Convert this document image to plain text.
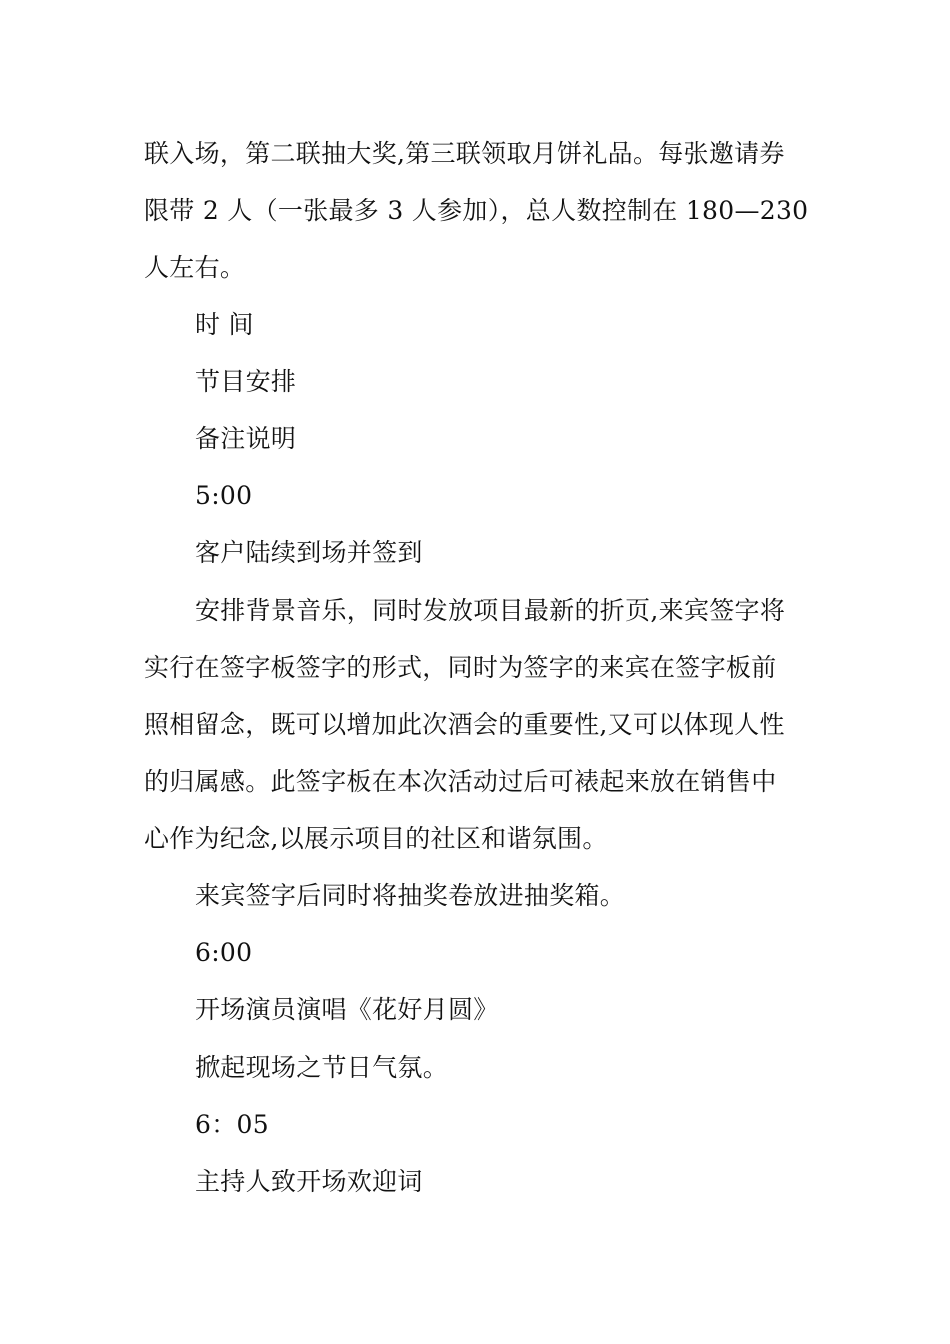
联入场，第二联抽大奖,第三联领取月饼礼品。每张邀请券
限带 2 人（一张最多 3 人参加），总人数控制在 180—230
人左右。

时 间

节目安排

备注说明

5:00

客户陆续到场并签到

安排背景音乐，同时发放项目最新的折页,来宾签字将
实行在签字板签字的形式，同时为签字的来宾在签字板前
照相留念，既可以增加此次酒会的重要性,又可以体现人性
的归属感。此签字板在本次活动过后可裱起来放在销售中
心作为纪念,以展示项目的社区和谐氛围。

来宾签字后同时将抽奖卷放进抽奖箱。

6:00

开场演员演唱《花好月圆》

掀起现场之节日气氛。

6：05

主持人致开场欢迎词
